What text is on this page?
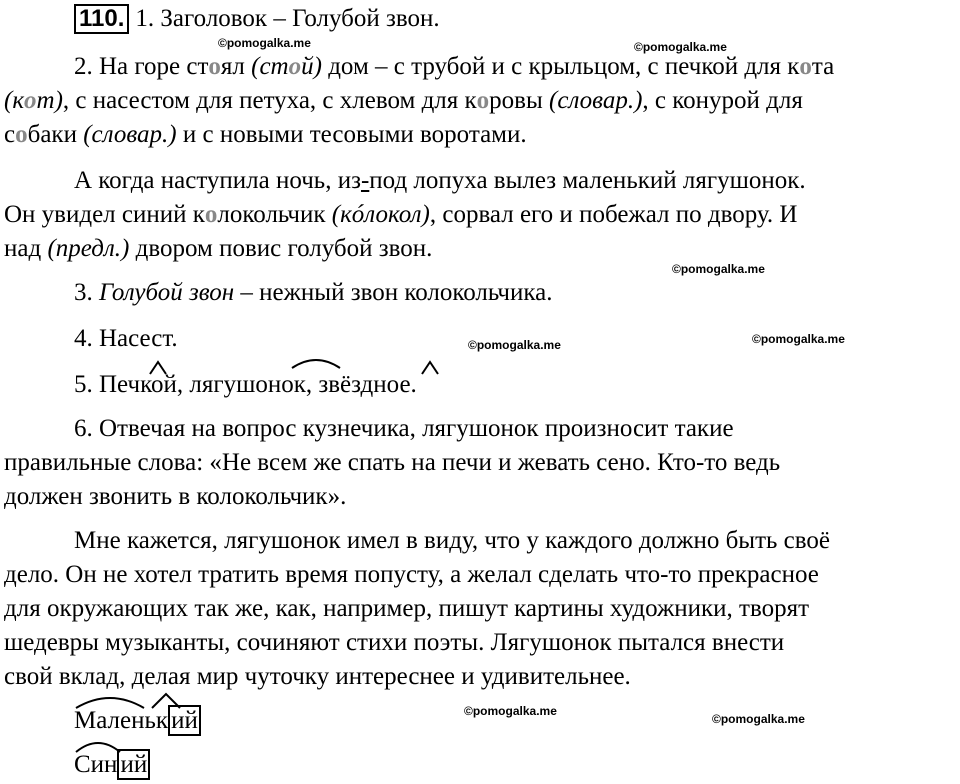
110. 1. Заголовок – Голубой звон.
2. На горе стоял (стой) дом – с трубой и с крыльцом, с печкой для кота
(кот), с насестом для петуха, с хлевом для коровы (словар.), с конурой для
собаки (словар.) и с новыми тесовыми воротами.
А когда наступила ночь, из-под лопуха вылез маленький лягушонок.
Он увидел синий колокольчик (кóлокол), сорвал его и побежал по двору. И
над (предл.) двором повис голубой звон.
3. Голубой звон – нежный звон колокольчика.
4. Насест.
5. Печкой, лягушонок, звёздное.
6. Отвечая на вопрос кузнечика, лягушонок произносит такие
правильные слова: «Не всем же спать на печи и жевать сено. Кто-то ведь
должен звонить в колокольчик».
Мне кажется, лягушонок имел в виду, что у каждого должно быть своё
дело. Он не хотел тратить время попусту, а желал сделать что-то прекрасное
для окружающих так же, как, например, пишут картины художники, творят
шедевры музыканты, сочиняют стихи поэты. Лягушонок пытался внести
свой вклад, делая мир чуточку интереснее и удивительнее.
Маленьк ий
Син ий
©pomogalka.me	©pomogalka.me
©pomogalka.me
©pomogalka.me	©pomogalka.me
©pomogalka.me
©pomogalka.me
